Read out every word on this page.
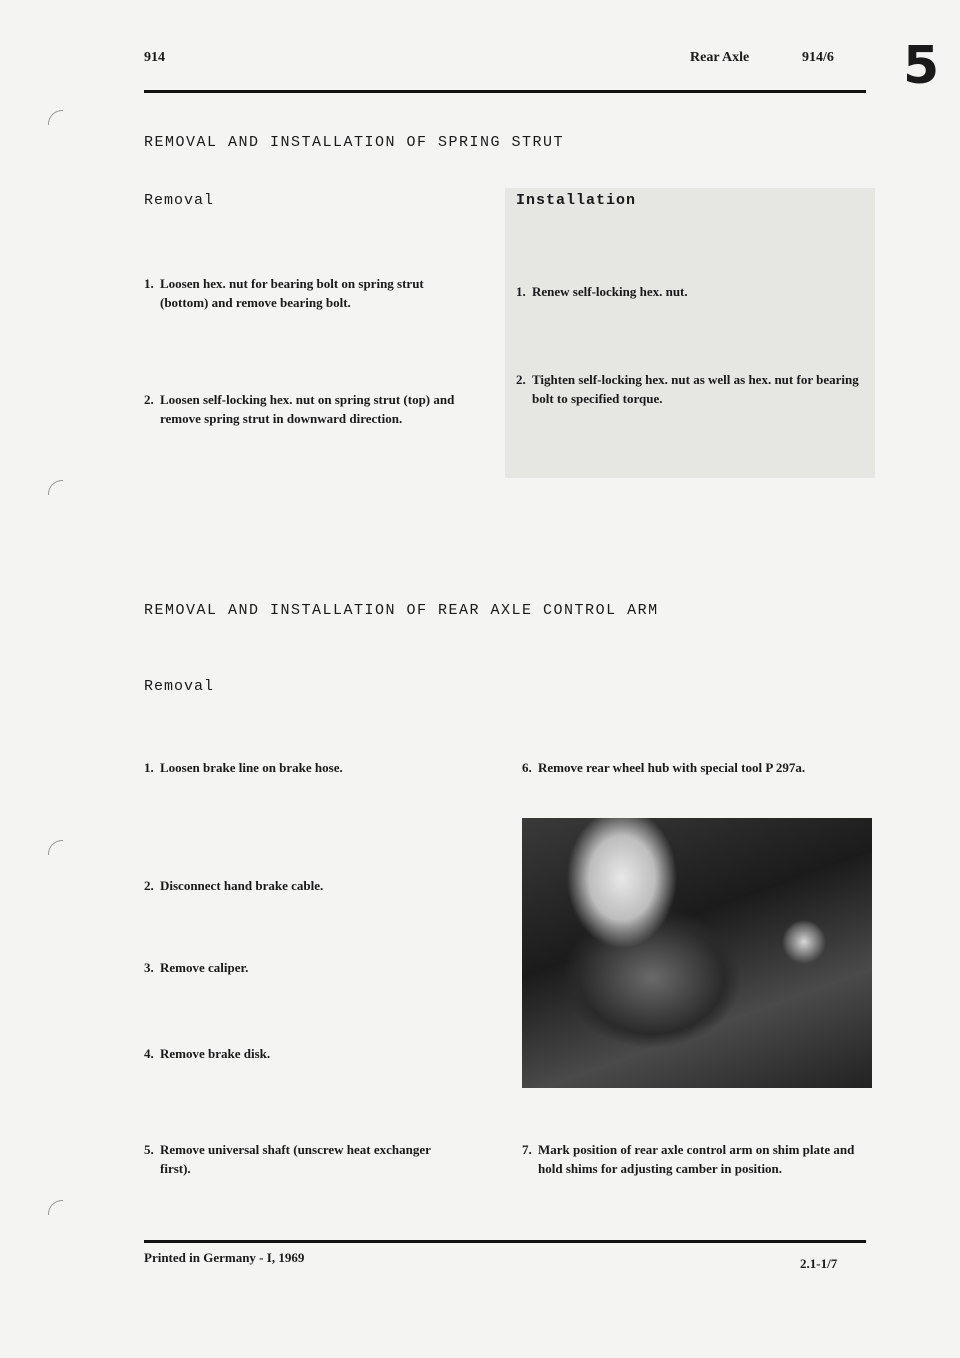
914	Rear Axle	914/6 5
REMOVAL AND INSTALLATION OF SPRING STRUT
Removal	Installation
1. Loosen hex. nut for bearing bolt on spring strut (bottom) and remove bearing bolt.
2. Loosen self-locking hex. nut on spring strut (top) and remove spring strut in downward direction.
1. Renew self-locking hex. nut.
2. Tighten self-locking hex. nut as well as hex. nut for bearing bolt to specified torque.
REMOVAL AND INSTALLATION OF REAR AXLE CONTROL ARM
Removal
1. Loosen brake line on brake hose.
2. Disconnect hand brake cable.
3. Remove caliper.
4. Remove brake disk.
5. Remove universal shaft (unscrew heat exchanger first).
6. Remove rear wheel hub with special tool P 297a.
7. Mark position of rear axle control arm on shim plate and hold shims for adjusting camber in position.
Printed in Germany - I, 1969	2.1-1/7
